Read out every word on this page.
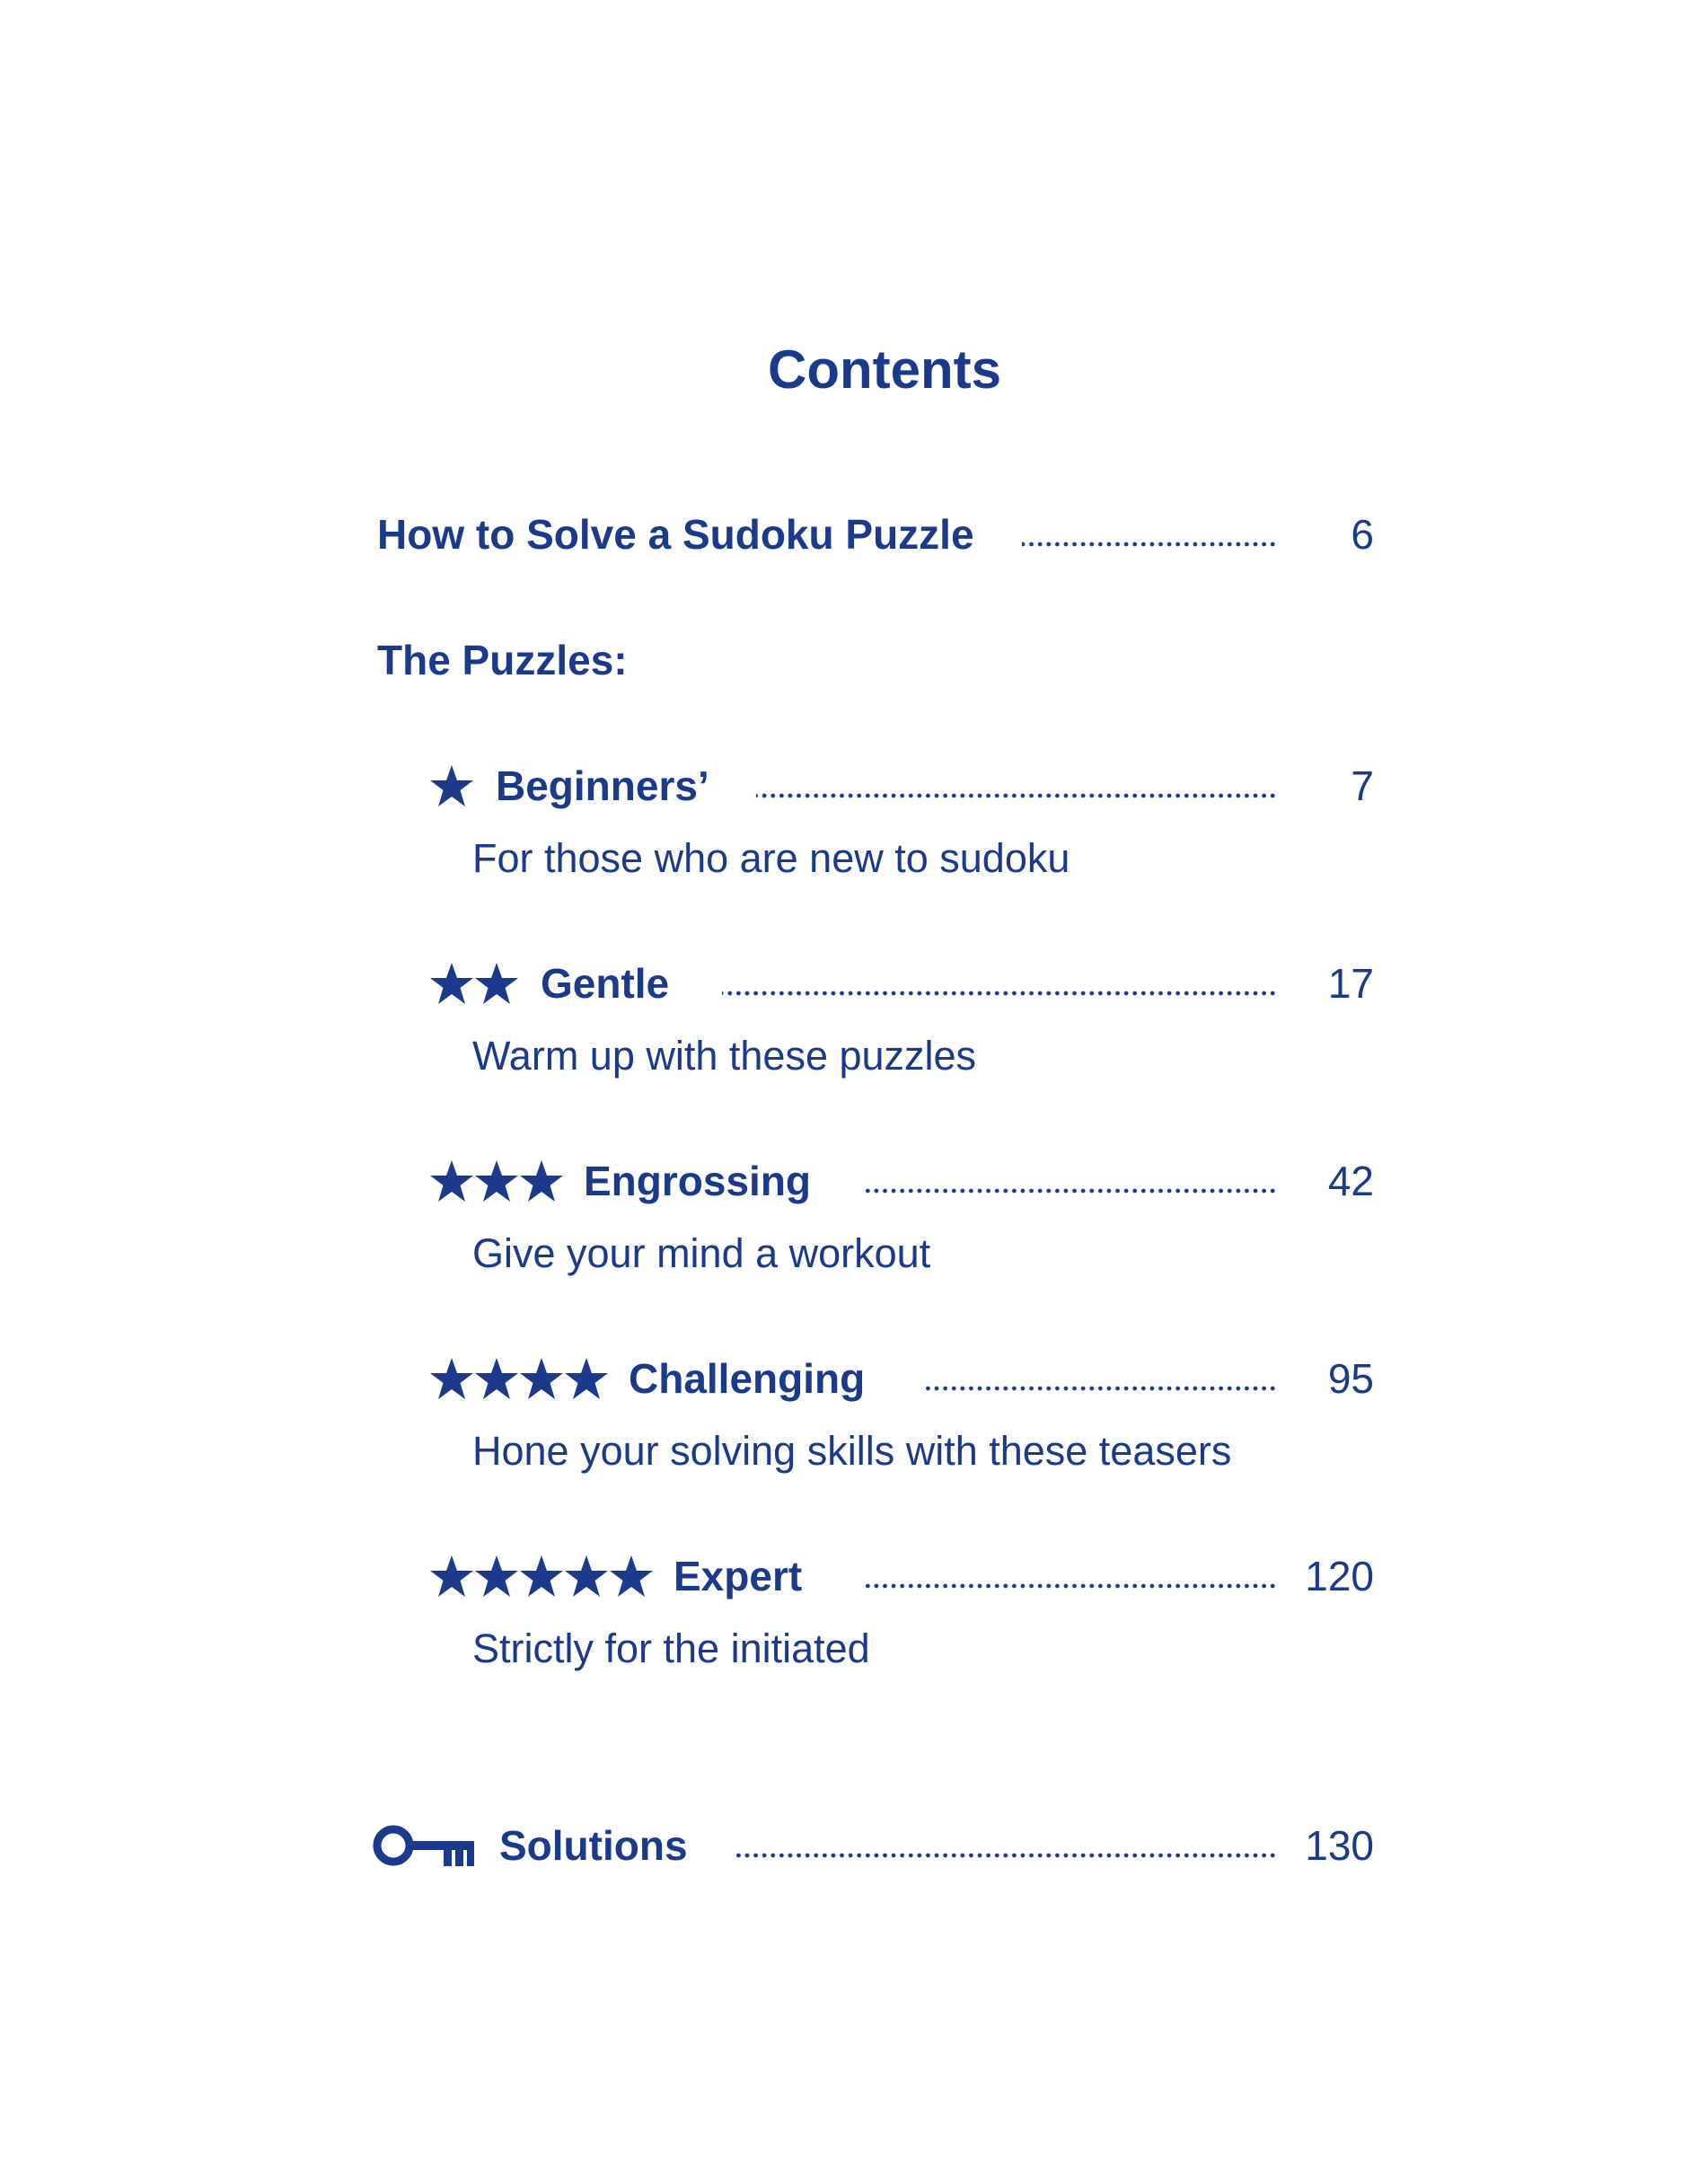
Contents
How to Solve a Sudoku Puzzle	6
The Puzzles:
Beginners’	7
For those who are new to sudoku
Gentle	17
Warm up with these puzzles
Engrossing	42
Give your mind a workout
Challenging	95
Hone your solving skills with these teasers
Expert	120
Strictly for the initiated
Solutions	130
